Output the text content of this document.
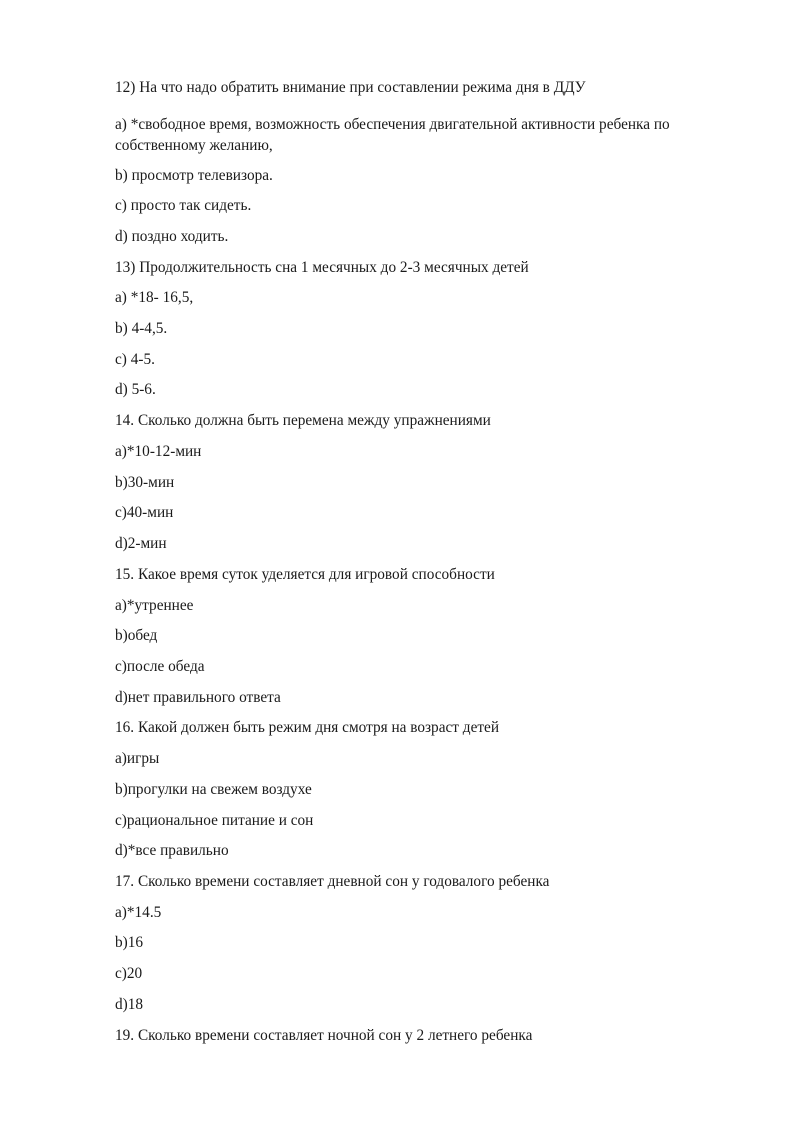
12) На что надо обратить внимание при составлении режима дня в ДДУ
a) *свободное время, возможность обеспечения двигательной активности ребенка по собственному желанию,
b) просмотр телевизора.
c) просто так сидеть.
d) поздно ходить.
13) Продолжительность сна 1 месячных до 2-3 месячных детей
a) *18- 16,5,
b) 4-4,5.
c) 4-5.
d) 5-6.
14. Сколько должна быть перемена между упражнениями
a)*10-12-мин
b)30-мин
c)40-мин
d)2-мин
15. Какое время суток уделяется для игровой способности
a)*утреннее
b)обед
c)после обеда
d)нет правильного ответа
16. Какой должен быть режим дня смотря на возраст детей
a)игры
b)прогулки на свежем воздухе
c)рациональное питание и сон
d)*все правильно
17. Сколько времени составляет дневной сон у годовалого ребенка
a)*14.5
b)16
c)20
d)18
19. Сколько времени составляет ночной сон у 2 летнего ребенка
